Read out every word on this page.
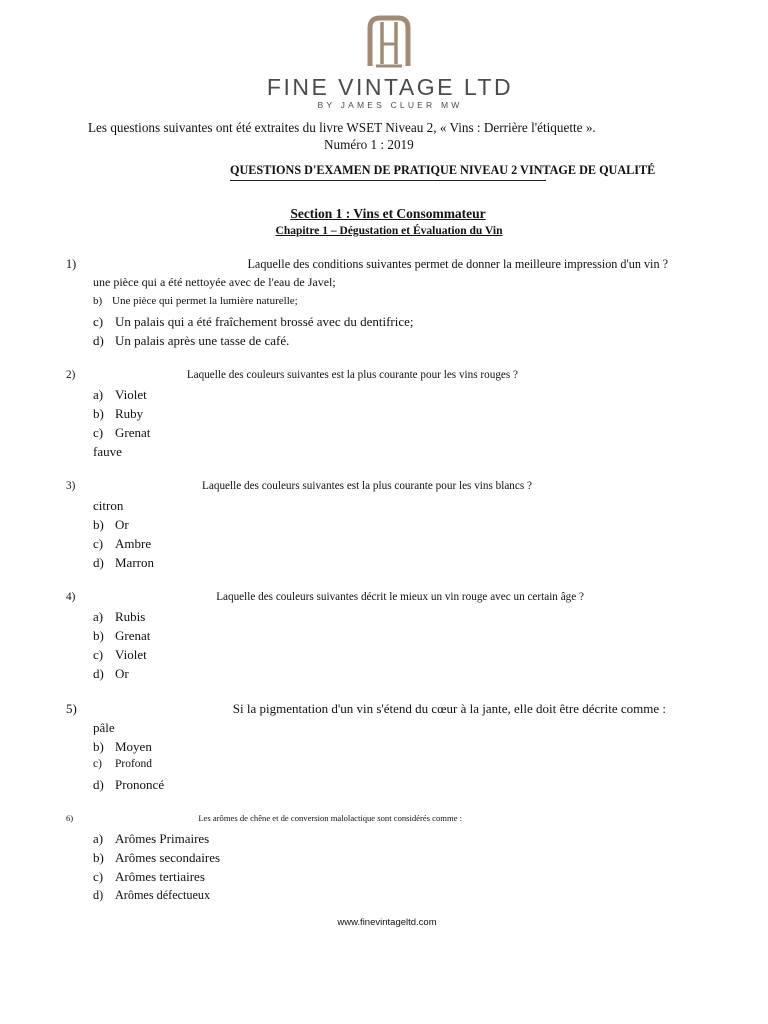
FINE VINTAGE LTD
BY JAMES CLUER MW
Les questions suivantes ont été extraites du livre WSET Niveau 2, « Vins : Derrière l'étiquette ».
Numéro 1 : 2019
QUESTIONS D'EXAMEN DE PRATIQUE NIVEAU 2 VINTAGE DE QUALITÉ
Section 1 : Vins et Consommateur
Chapitre 1 – Dégustation et Évaluation du Vin
1)	Laquelle des conditions suivantes permet de donner la meilleure impression d'un vin ?
une pièce qui a été nettoyée avec de l'eau de Javel;
b) Une pièce qui permet la lumière naturelle;
c) Un palais qui a été fraîchement brossé avec du dentifrice;
d) Un palais après une tasse de café.
2)	Laquelle des couleurs suivantes est la plus courante pour les vins rouges ?
a) Violet
b) Ruby
c) Grenat
fauve
3)	Laquelle des couleurs suivantes est la plus courante pour les vins blancs ?
citron
b) Or
c) Ambre
d) Marron
4)	Laquelle des couleurs suivantes décrit le mieux un vin rouge avec un certain âge ?
a) Rubis
b) Grenat
c) Violet
d) Or
5)	Si la pigmentation d'un vin s'étend du cœur à la jante, elle doit être décrite comme :
pâle
b) Moyen
c) Profond
d) Prononcé
6)	Les arômes de chêne et de conversion malolactique sont considérés comme :
a) Arômes Primaires
b) Arômes secondaires
c) Arômes tertiaires
d) Arômes défectueux
www.finevintageltd.com
